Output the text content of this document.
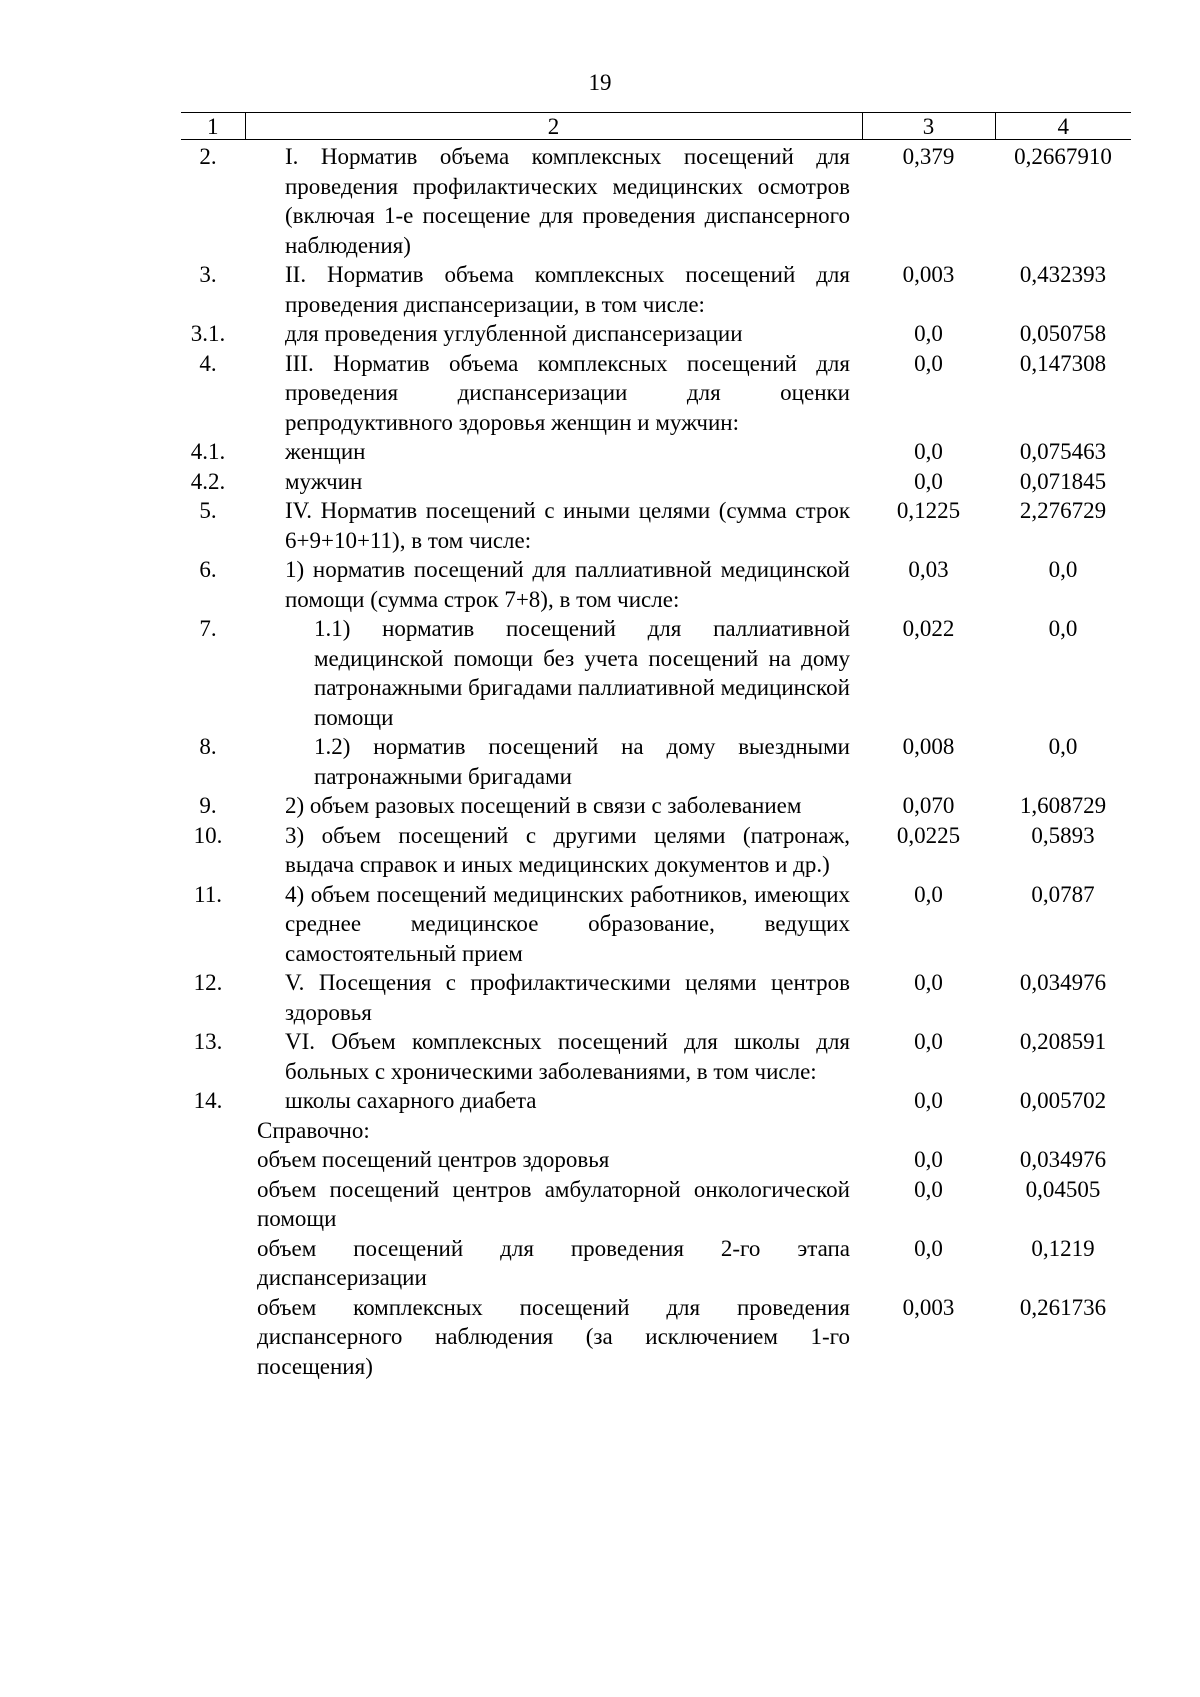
19
1	2	3	4
2.	I. Норматив объема комплексных посещений для проведения профилактических медицинских осмотров (включая 1-е посещение для проведения диспансерного наблюдения)	0,379	0,2667910
3.	II. Норматив объема комплексных посещений для проведения диспансеризации, в том числе:	0,003	0,432393
3.1.	для проведения углубленной диспансеризации	0,0	0,050758
4.	III. Норматив объема комплексных посещений для проведения диспансеризации для оценки репродуктивного здоровья женщин и мужчин:	0,0	0,147308
4.1.	женщин	0,0	0,075463
4.2.	мужчин	0,0	0,071845
5.	IV. Норматив посещений с иными целями (сумма строк 6+9+10+11), в том числе:	0,1225	2,276729
6.	1) норматив посещений для паллиативной медицинской помощи (сумма строк 7+8), в том числе:	0,03	0,0
7.	1.1) норматив посещений для паллиативной медицинской помощи без учета посещений на дому патронажными бригадами паллиативной медицинской помощи	0,022	0,0
8.	1.2) норматив посещений на дому выездными патронажными бригадами	0,008	0,0
9.	2) объем разовых посещений в связи с заболеванием	0,070	1,608729
10.	3) объем посещений с другими целями (патронаж, выдача справок и иных медицинских документов и др.)	0,0225	0,5893
11.	4) объем посещений медицинских работников, имеющих среднее медицинское образование, ведущих самостоятельный прием	0,0	0,0787
12.	V. Посещения с профилактическими целями центров здоровья	0,0	0,034976
13.	VI. Объем комплексных посещений для школы для больных с хроническими заболеваниями, в том числе:	0,0	0,208591
14.	школы сахарного диабета	0,0	0,005702
	Справочно:		
	объем посещений центров здоровья	0,0	0,034976
	объем посещений центров амбулаторной онкологической помощи	0,0	0,04505
	объем посещений для проведения 2-го этапа диспансеризации	0,0	0,1219
	объем комплексных посещений для проведения диспансерного наблюдения (за исключением 1-го посещения)	0,003	0,261736
